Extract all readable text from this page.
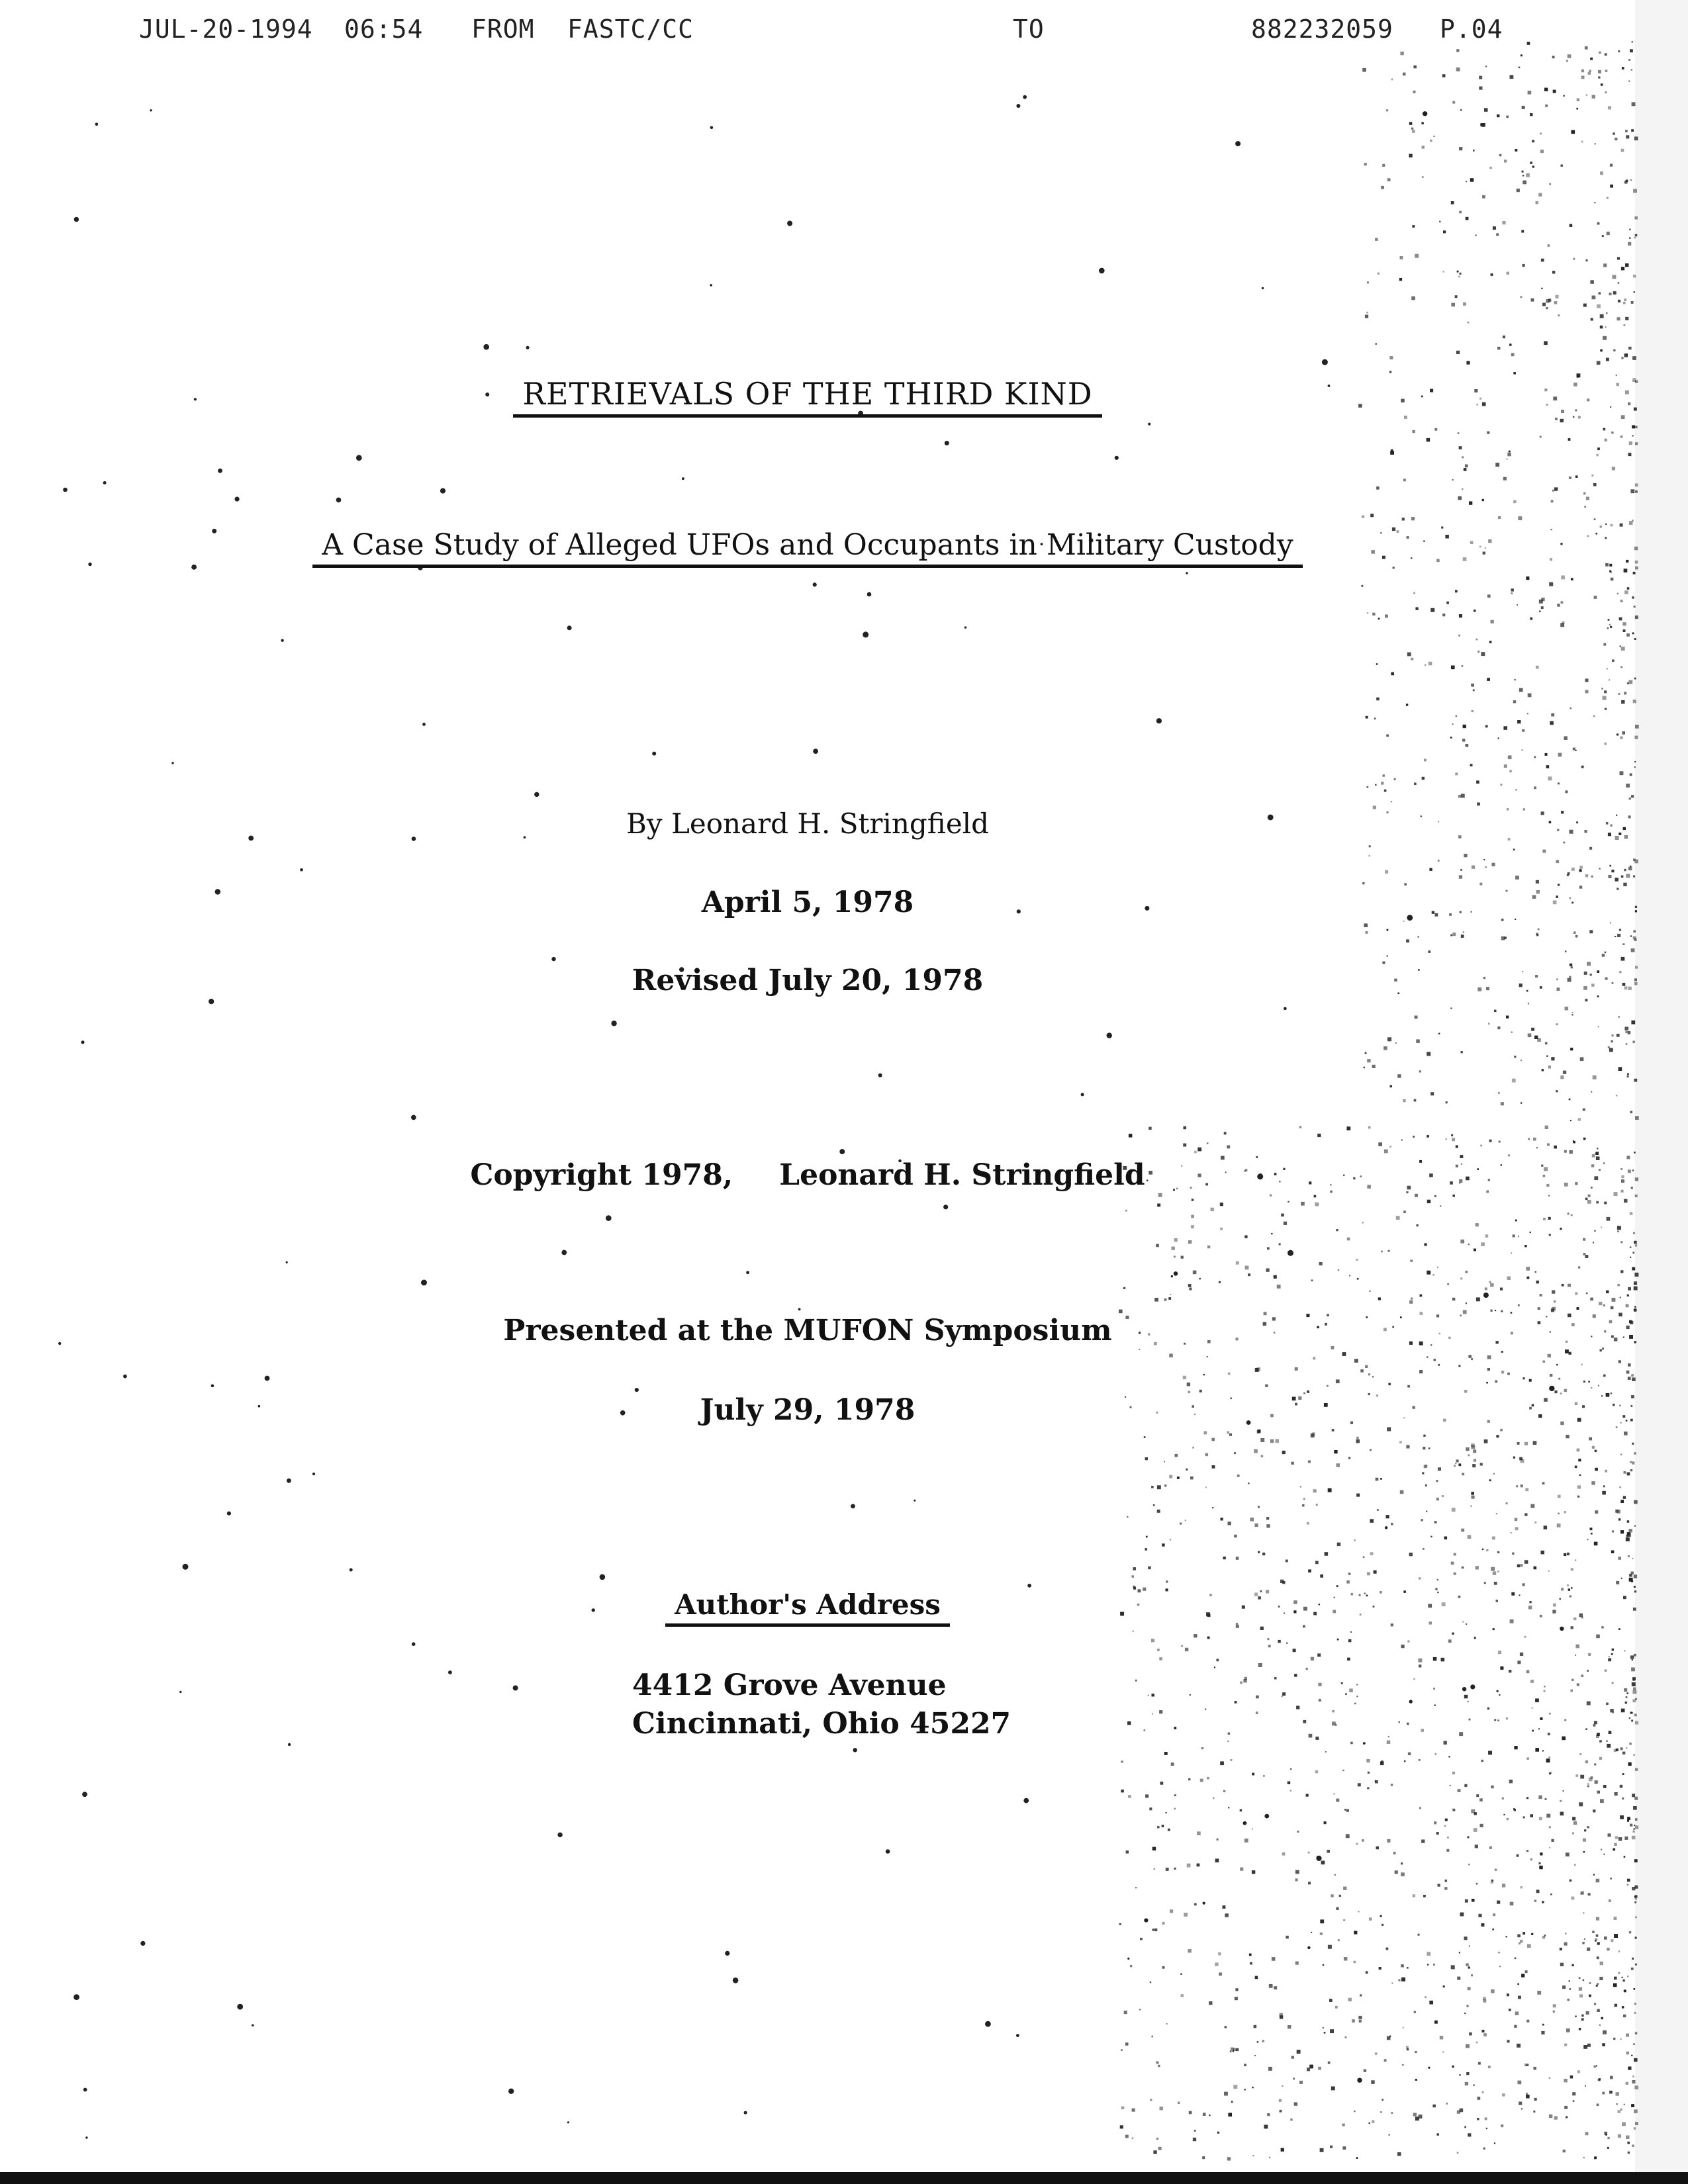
JUL-20-1994 06:54 FROM FASTC/CC	TO	882232059 P.04
RETRIEVALS OF THE THIRD KIND
A Case Study of Alleged UFOs and Occupants in Military Custody
By Leonard H. Stringfield
April 5, 1978
Revised July 20, 1978
Copyright 1978, Leonard H. Stringfield
Presented at the MUFON Symposium
July 29, 1978
Author's Address
4412 Grove Avenue
Cincinnati, Ohio 45227
